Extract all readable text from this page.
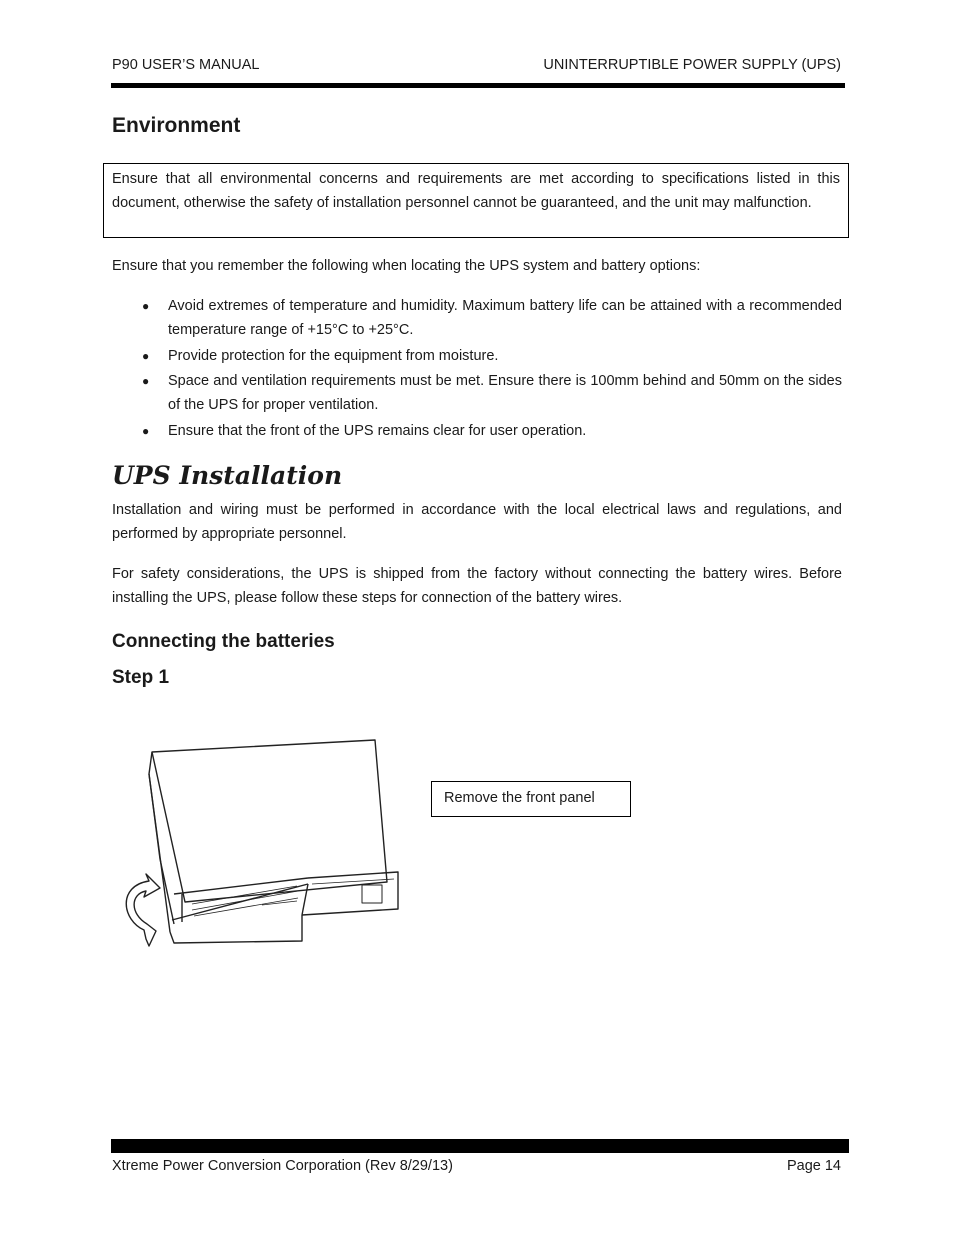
P90 USER’S MANUAL	UNINTERRUPTIBLE POWER SUPPLY (UPS)
Environment
Ensure that all environmental concerns and requirements are met according to specifications listed in this document, otherwise the safety of installation personnel cannot be guaranteed, and the unit may malfunction.
Ensure that you remember the following when locating the UPS system and battery options:
● Avoid extremes of temperature and humidity. Maximum battery life can be attained with a recommended temperature range of +15°C to +25°C.
● Provide protection for the equipment from moisture.
● Space and ventilation requirements must be met. Ensure there is 100mm behind and 50mm on the sides of the UPS for proper ventilation.
● Ensure that the front of the UPS remains clear for user operation.
UPS Installation
Installation and wiring must be performed in accordance with the local electrical laws and regulations, and performed by appropriate personnel.
For safety considerations, the UPS is shipped from the factory without connecting the battery wires. Before installing the UPS, please follow these steps for connection of the battery wires.
Connecting the batteries
Step 1
Remove the front panel
Xtreme Power Conversion Corporation (Rev 8/29/13)	Page 14
